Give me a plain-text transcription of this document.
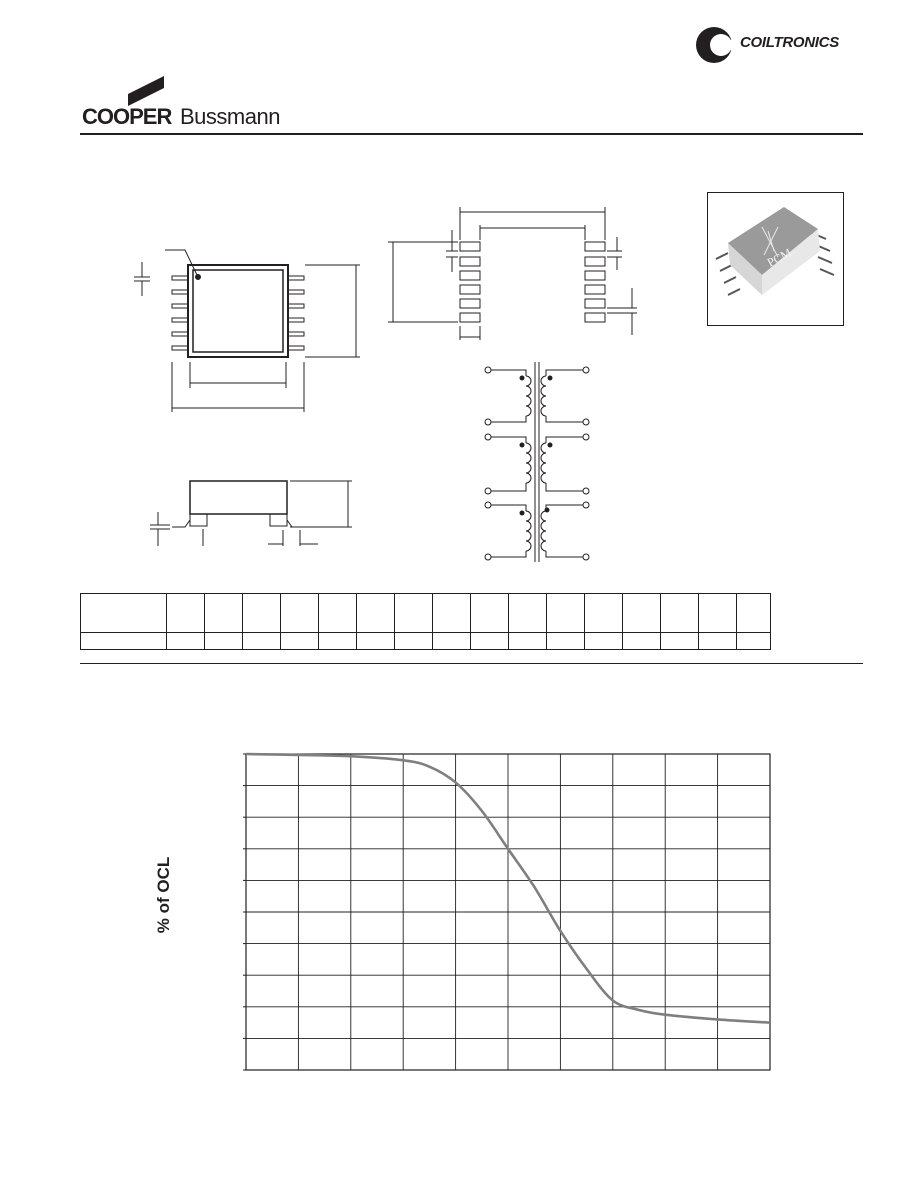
COILTRONICS
COOPER Bussmann
PCM

% of OCL
